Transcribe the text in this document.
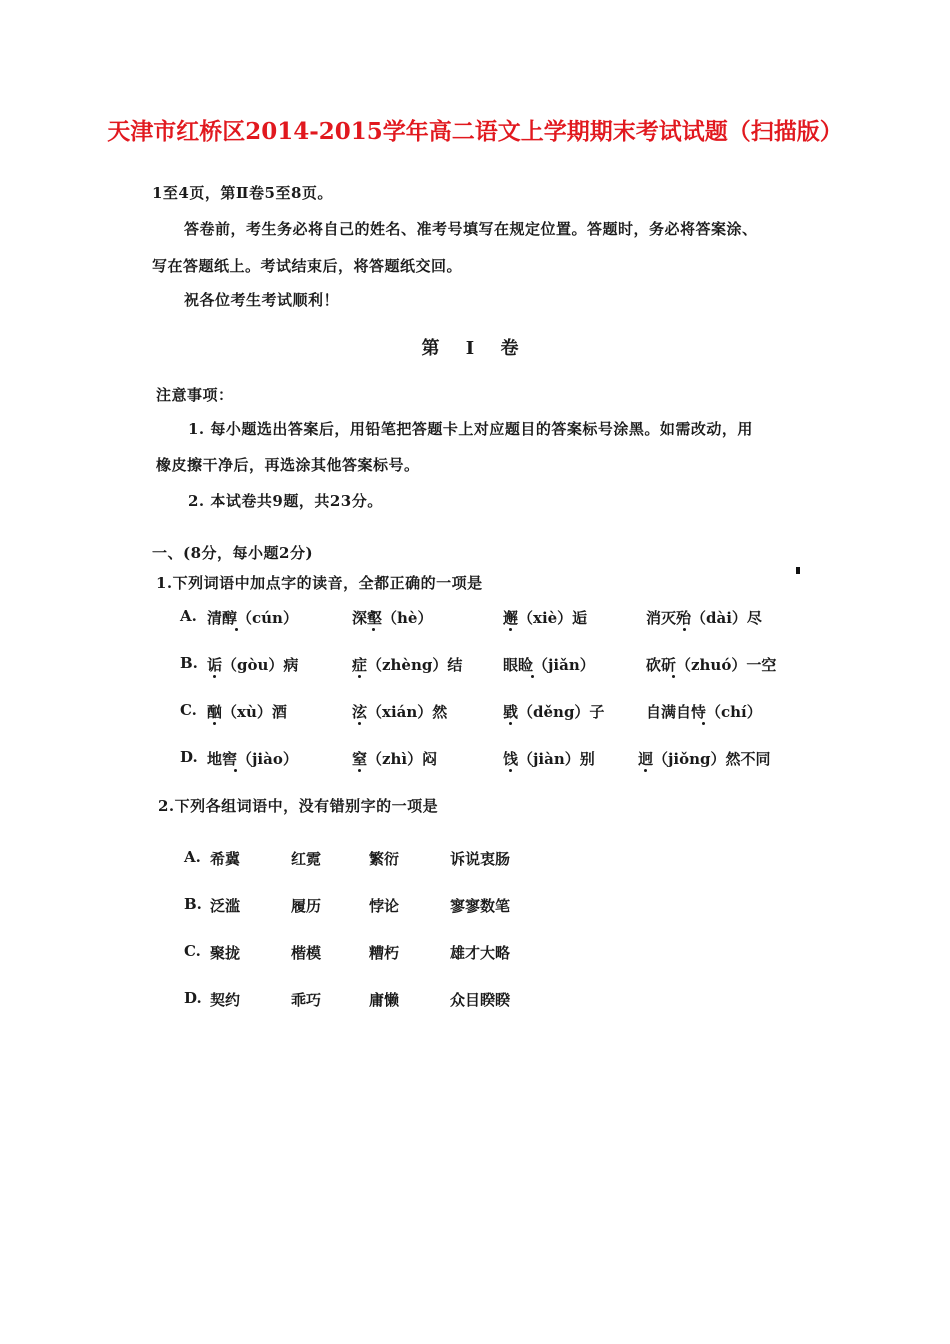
天津市红桥区2014-2015学年高二语文上学期期末考试试题（扫描版）
1至4页，第Ⅱ卷5至8页。
答卷前，考生务必将自己的姓名、准考号填写在规定位置。答题时，务必将答案涂、
写在答题纸上。考试结束后，将答题纸交回。
祝各位考生考试顺利！
第 Ⅰ 卷
注意事项：
1. 每小题选出答案后，用铅笔把答题卡上对应题目的答案标号涂黑。如需改动，用
橡皮擦干净后，再选涂其他答案标号。
2. 本试卷共9题，共23分。
一、(8分，每小题2分)
1.下列词语中加点字的读音，全都正确的一项是
A. 清醇（cún）	深壑（hè）	邂（xiè）逅	消灭殆（dài）尽
B. 诟（gòu）病	症（zhèng）结	眼睑（jiǎn）	砍斫（zhuó）一空
C. 酗（xù）酒	泫（xián）然	戥（děng）子	自满自恃（chí）
D. 地窖（jiào）	窒（zhì）闷	饯（jiàn）别	迥（jiǒng）然不同
2.下列各组词语中，没有错别字的一项是
A. 希冀	红霓	繁衍	诉说衷肠
B. 泛滥	履历	悖论	寥寥数笔
C. 聚拢	楷模	糟朽	雄才大略
D. 契约	乖巧	庸懒	众目睽睽
